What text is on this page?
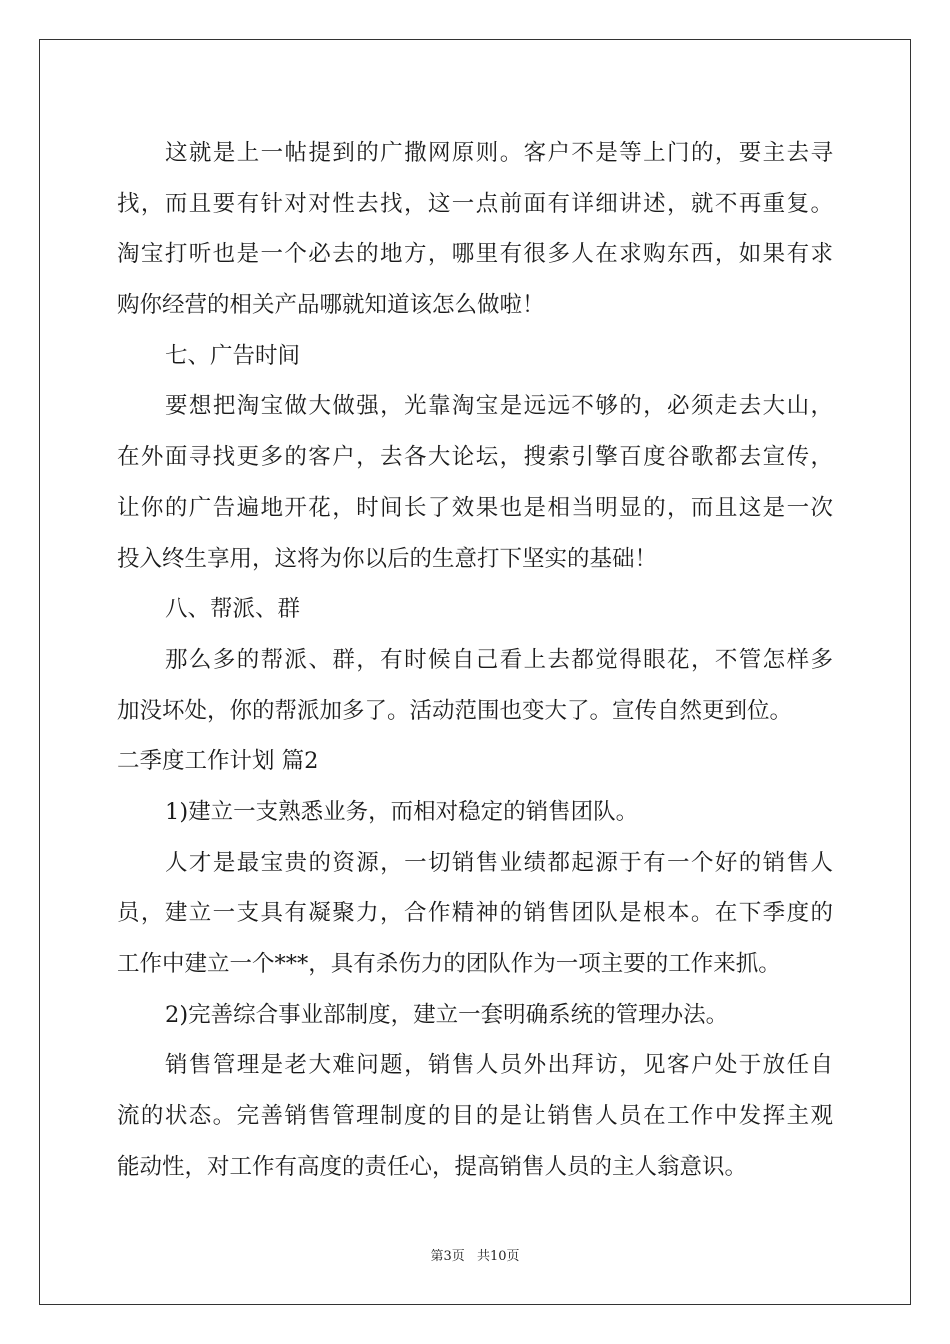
这就是上一帖提到的广撒网原则。客户不是等上门的，要主去寻
找，而且要有针对对性去找，这一点前面有详细讲述，就不再重复。
淘宝打听也是一个必去的地方，哪里有很多人在求购东西，如果有求
购你经营的相关产品哪就知道该怎么做啦！
七、广告时间
要想把淘宝做大做强，光靠淘宝是远远不够的，必须走去大山，
在外面寻找更多的客户，去各大论坛，搜索引擎百度谷歌都去宣传，
让你的广告遍地开花，时间长了效果也是相当明显的，而且这是一次
投入终生享用，这将为你以后的生意打下坚实的基础！
八、帮派、群
那么多的帮派、群，有时候自己看上去都觉得眼花，不管怎样多
加没坏处，你的帮派加多了。活动范围也变大了。宣传自然更到位。
二季度工作计划 篇2
1)建立一支熟悉业务，而相对稳定的销售团队。
人才是最宝贵的资源，一切销售业绩都起源于有一个好的销售人
员，建立一支具有凝聚力，合作精神的销售团队是根本。在下季度的
工作中建立一个***，具有杀伤力的团队作为一项主要的工作来抓。
2)完善综合事业部制度，建立一套明确系统的管理办法。
销售管理是老大难问题，销售人员外出拜访，见客户处于放任自
流的状态。完善销售管理制度的目的是让销售人员在工作中发挥主观
能动性，对工作有高度的责任心，提高销售人员的主人翁意识。
第3页 共10页
